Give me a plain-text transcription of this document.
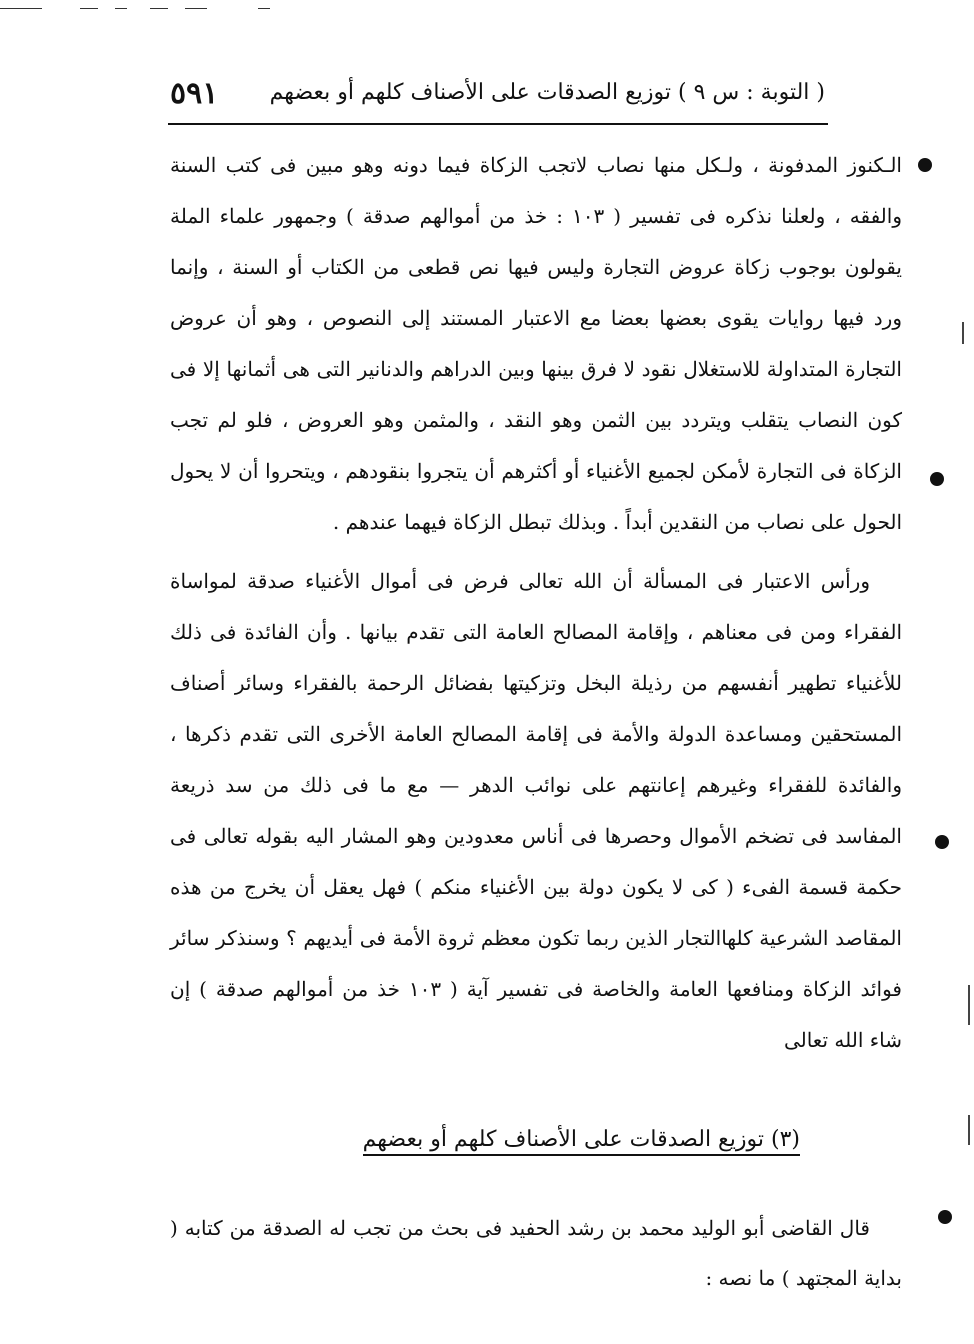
( التوبة : س ٩ ) توزيع الصدقات على الأصناف كلهم أو بعضهم
٥٩١

الـكنوز المدفونة ، ولـكل منها نصاب لاتجب الزكاة فيما دونه وهو مبين فى كتب السنة والفقه ، ولعلنا نذكره فى تفسير ( ١٠٣ : خذ من أموالهم صدقة ) وجمهور علماء الملة يقولون بوجوب زكاة عروض التجارة وليس فيها نص قطعى من الكتاب أو السنة ، وإنما ورد فيها روايات يقوى بعضها بعضا مع الاعتبار المستند إلى النصوص ، وهو أن عروض التجارة المتداولة للاستغلال نقود لا فرق بينها وبين الدراهم والدنانير التى هى أثمانها إلا فى كون النصاب يتقلب ويتردد بين الثمن وهو النقد ، والمثمن وهو العروض ، فلو لم تجب الزكاة فى التجارة لأمكن لجميع الأغنياء أو أكثرهم أن يتجروا بنقودهم ، ويتحروا أن لا يحول الحول على نصاب من النقدين أبداً . وبذلك تبطل الزكاة فيهما عندهم .

ورأس الاعتبار فى المسألة أن الله تعالى فرض فى أموال الأغنياء صدقة لمواساة الفقراء ومن فى معناهم ، وإقامة المصالح العامة التى تقدم بيانها . وأن الفائدة فى ذلك للأغنياء تطهير أنفسهم من رذيلة البخل وتزكيتها بفضائل الرحمة بالفقراء وسائر أصناف المستحقين ومساعدة الدولة والأمة فى إقامة المصالح العامة الأخرى التى تقدم ذكرها ، والفائدة للفقراء وغيرهم إعانتهم على نوائب الدهر — مع ما فى ذلك من سد ذريعة المفاسد فى تضخم الأموال وحصرها فى أناس معدودين وهو المشار اليه بقوله تعالى فى حكمة قسمة الفىء ( كى لا يكون دولة بين الأغنياء منكم ) فهل يعقل أن يخرج من هذه المقاصد الشرعية كلهاالتجار الذين ربما تكون معظم ثروة الأمة فى أيديهم ؟ وسنذكر سائر فوائد الزكاة ومنافعها العامة والخاصة فى تفسير آية ( ١٠٣ خذ من أموالهم صدقة ) إن شاء الله تعالى

(٣) توزيع الصدقات على الأصناف كلهم أو بعضهم

قال القاضى أبو الوليد محمد بن رشد الحفيد فى بحث من تجب له الصدقة من كتابه ( بداية المجتهد ) ما نصه :
